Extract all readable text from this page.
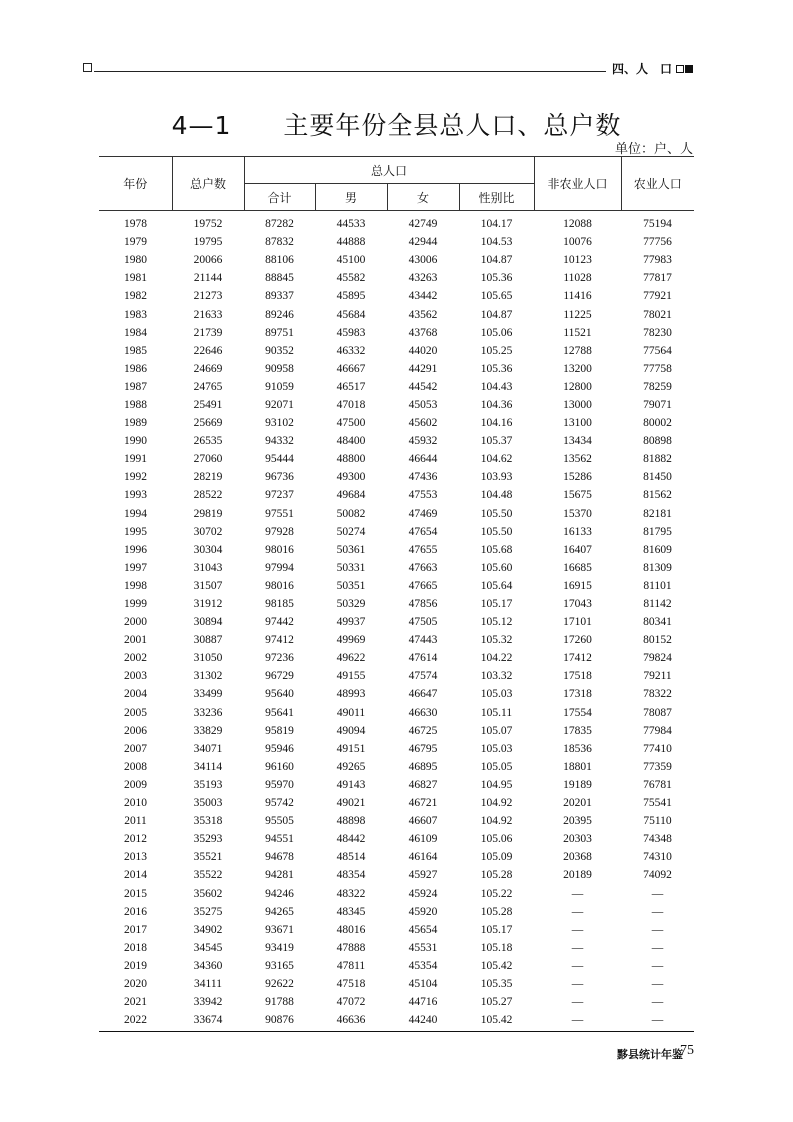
四、人　口
4—1　　主要年份全县总人口、总户数
单位：户、人
年份	总户数	总人口				非农业人口	农业人口
		合计	男	女	性别比		
1978	19752	87282	44533	42749	104.17	12088	75194
1979	19795	87832	44888	42944	104.53	10076	77756
1980	20066	88106	45100	43006	104.87	10123	77983
1981	21144	88845	45582	43263	105.36	11028	77817
1982	21273	89337	45895	43442	105.65	11416	77921
1983	21633	89246	45684	43562	104.87	11225	78021
1984	21739	89751	45983	43768	105.06	11521	78230
1985	22646	90352	46332	44020	105.25	12788	77564
1986	24669	90958	46667	44291	105.36	13200	77758
1987	24765	91059	46517	44542	104.43	12800	78259
1988	25491	92071	47018	45053	104.36	13000	79071
1989	25669	93102	47500	45602	104.16	13100	80002
1990	26535	94332	48400	45932	105.37	13434	80898
1991	27060	95444	48800	46644	104.62	13562	81882
1992	28219	96736	49300	47436	103.93	15286	81450
1993	28522	97237	49684	47553	104.48	15675	81562
1994	29819	97551	50082	47469	105.50	15370	82181
1995	30702	97928	50274	47654	105.50	16133	81795
1996	30304	98016	50361	47655	105.68	16407	81609
1997	31043	97994	50331	47663	105.60	16685	81309
1998	31507	98016	50351	47665	105.64	16915	81101
1999	31912	98185	50329	47856	105.17	17043	81142
2000	30894	97442	49937	47505	105.12	17101	80341
2001	30887	97412	49969	47443	105.32	17260	80152
2002	31050	97236	49622	47614	104.22	17412	79824
2003	31302	96729	49155	47574	103.32	17518	79211
2004	33499	95640	48993	46647	105.03	17318	78322
2005	33236	95641	49011	46630	105.11	17554	78087
2006	33829	95819	49094	46725	105.07	17835	77984
2007	34071	95946	49151	46795	105.03	18536	77410
2008	34114	96160	49265	46895	105.05	18801	77359
2009	35193	95970	49143	46827	104.95	19189	76781
2010	35003	95742	49021	46721	104.92	20201	75541
2011	35318	95505	48898	46607	104.92	20395	75110
2012	35293	94551	48442	46109	105.06	20303	74348
2013	35521	94678	48514	46164	105.09	20368	74310
2014	35522	94281	48354	45927	105.28	20189	74092
2015	35602	94246	48322	45924	105.22	—	—
2016	35275	94265	48345	45920	105.28	—	—
2017	34902	93671	48016	45654	105.17	—	—
2018	34545	93419	47888	45531	105.18	—	—
2019	34360	93165	47811	45354	105.42	—	—
2020	34111	92622	47518	45104	105.35	—	—
2021	33942	91788	47072	44716	105.27	—	—
2022	33674	90876	46636	44240	105.42	—	—
黟县统计年鉴
75
